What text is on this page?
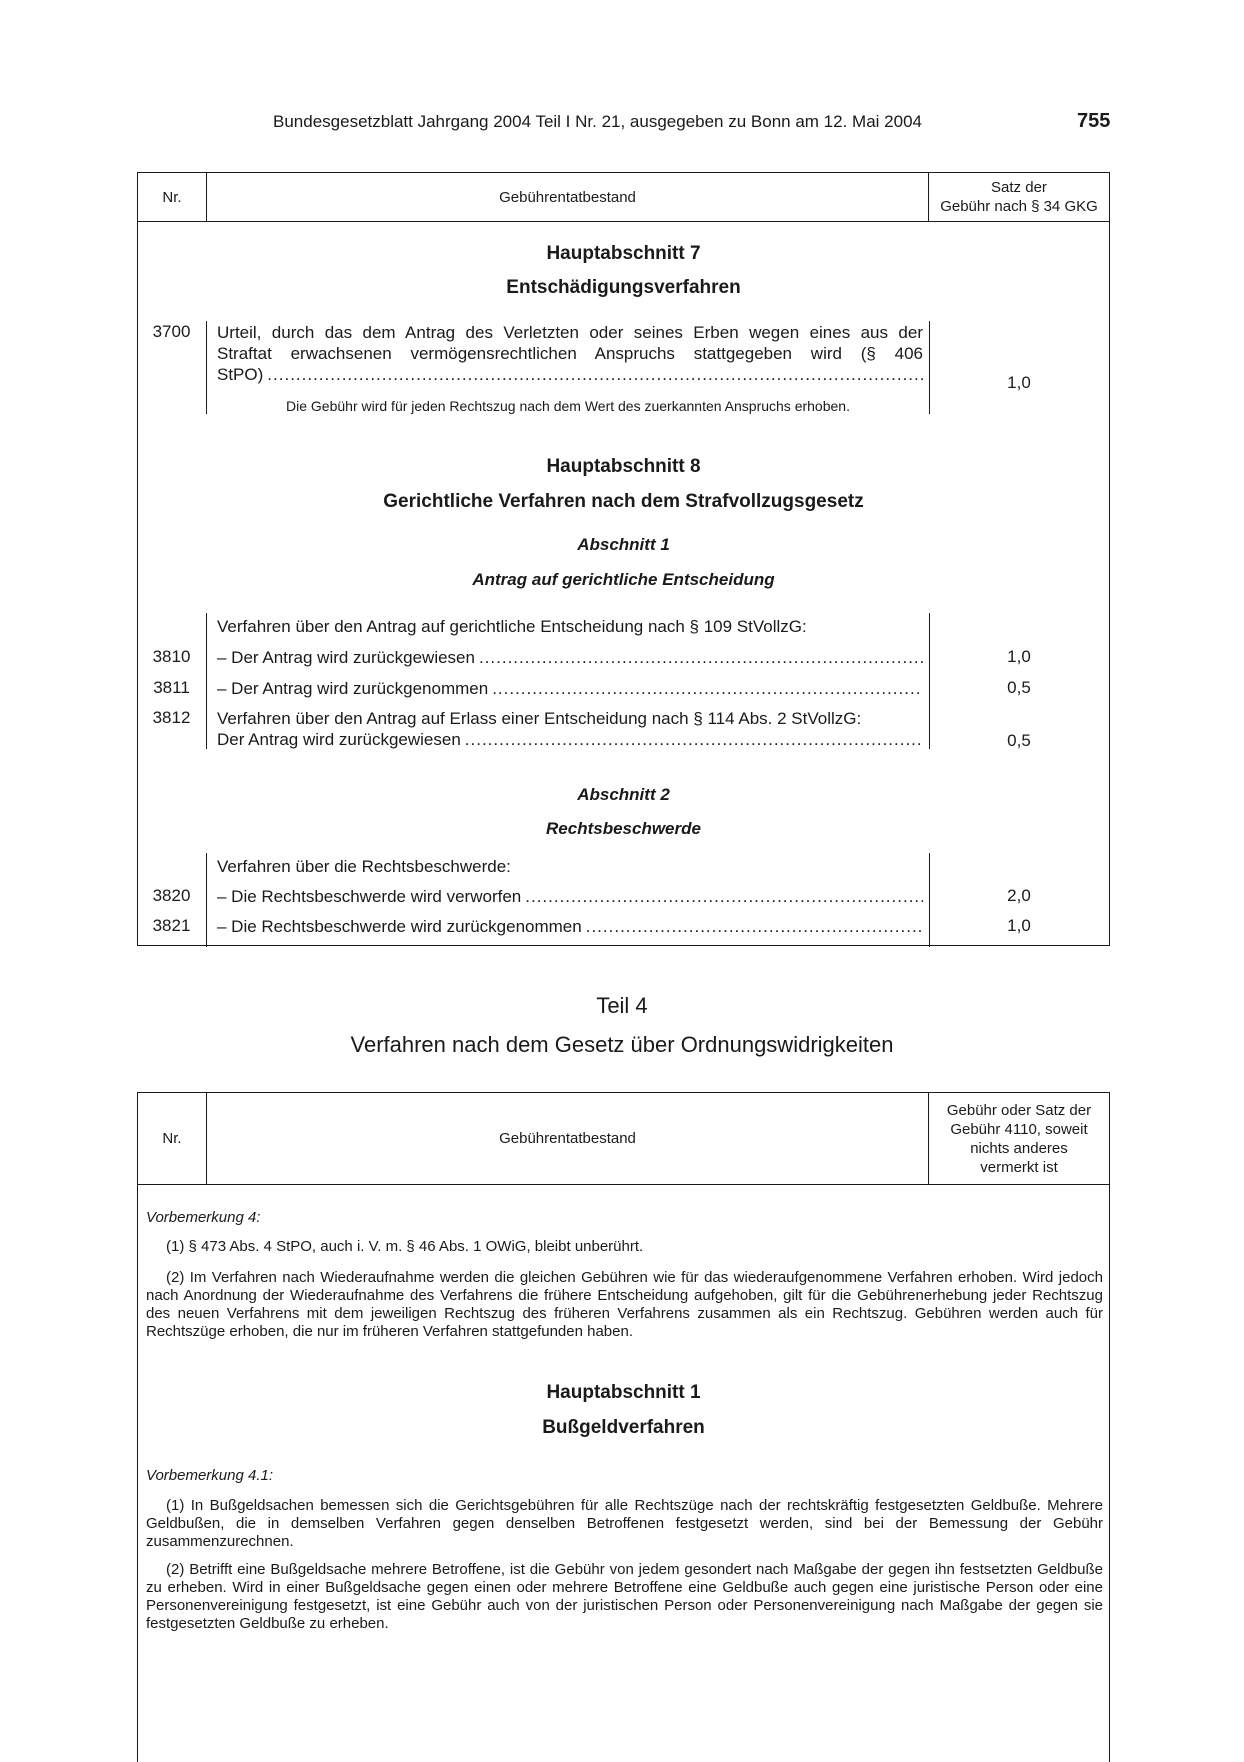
Bundesgesetzblatt Jahrgang 2004 Teil I Nr. 21, ausgegeben zu Bonn am 12. Mai 2004	755
Nr.	Gebührentatbestand
Satz der
Gebühr nach § 34 GKG
Hauptabschnitt 7
Entschädigungsverfahren
3700	Urteil, durch das dem Antrag des Verletzten oder seines Erben wegen eines aus der
Straftat erwachsenen vermögensrechtlichen Anspruchs stattgegeben wird (§ 406
StPO) .....	1,0
Die Gebühr wird für jeden Rechtszug nach dem Wert des zuerkannten Anspruchs erhoben.
Hauptabschnitt 8
Gerichtliche Verfahren nach dem Strafvollzugsgesetz
Abschnitt 1
Antrag auf gerichtliche Entscheidung
Verfahren über den Antrag auf gerichtliche Entscheidung nach § 109 StVollzG:
3810	– Der Antrag wird zurückgewiesen .....	1,0
3811	– Der Antrag wird zurückgenommen .....	0,5
3812	Verfahren über den Antrag auf Erlass einer Entscheidung nach § 114 Abs. 2 StVollzG:
Der Antrag wird zurückgewiesen .....	0,5
Abschnitt 2
Rechtsbeschwerde
Verfahren über die Rechtsbeschwerde:
3820	– Die Rechtsbeschwerde wird verworfen .....	2,0
3821	– Die Rechtsbeschwerde wird zurückgenommen .....	1,0
Teil 4
Verfahren nach dem Gesetz über Ordnungswidrigkeiten
Nr.	Gebührentatbestand
Gebühr oder Satz der
Gebühr 4110, soweit
nichts anderes
vermerkt ist
Vorbemerkung 4:
(1) § 473 Abs. 4 StPO, auch i. V. m. § 46 Abs. 1 OWiG, bleibt unberührt.
(2) Im Verfahren nach Wiederaufnahme werden die gleichen Gebühren wie für das wiederaufgenommene Verfahren erhoben. Wird jedoch nach Anordnung der Wiederaufnahme des Verfahrens die frühere Entscheidung aufgehoben, gilt für die Gebührenerhebung jeder Rechtszug des neuen Verfahrens mit dem jeweiligen Rechtszug des früheren Verfahrens zusammen als ein Rechtszug. Gebühren werden auch für Rechtszüge erhoben, die nur im früheren Verfahren stattgefunden haben.
Hauptabschnitt 1
Bußgeldverfahren
Vorbemerkung 4.1:
(1) In Bußgeldsachen bemessen sich die Gerichtsgebühren für alle Rechtszüge nach der rechtskräftig festgesetzten Geldbuße. Mehrere Geldbußen, die in demselben Verfahren gegen denselben Betroffenen festgesetzt werden, sind bei der Bemessung der Gebühr zusammenzurechnen.
(2) Betrifft eine Bußgeldsache mehrere Betroffene, ist die Gebühr von jedem gesondert nach Maßgabe der gegen ihn festsetzten Geldbuße zu erheben. Wird in einer Bußgeldsache gegen einen oder mehrere Betroffene eine Geldbuße auch gegen eine juristische Person oder eine Personenvereinigung festgesetzt, ist eine Gebühr auch von der juristischen Person oder Personenvereinigung nach Maßgabe der gegen sie festgesetzten Geldbuße zu erheben.
